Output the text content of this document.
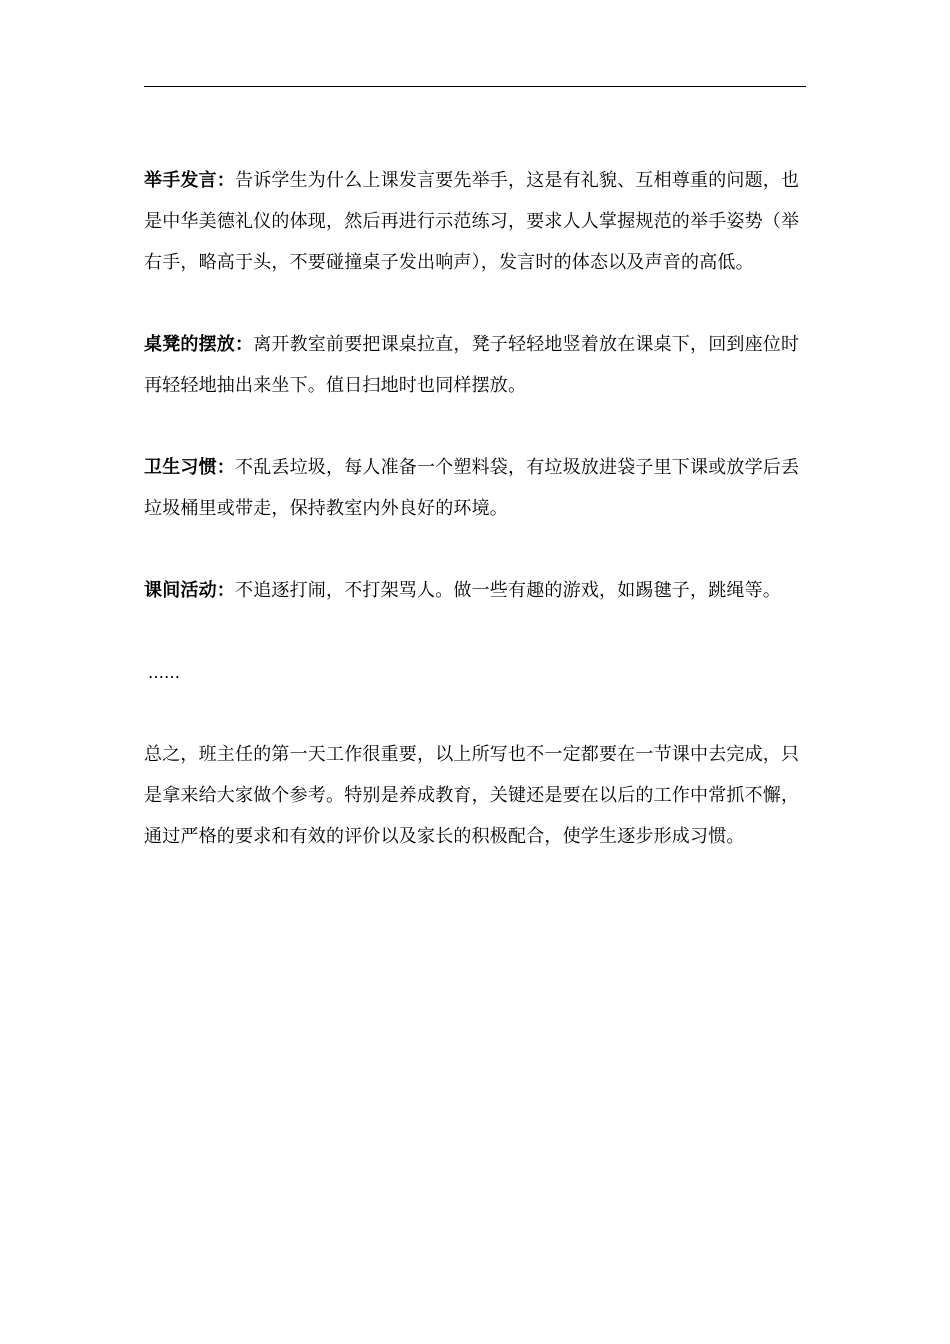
举手发言：告诉学生为什么上课发言要先举手，这是有礼貌、互相尊重的问题，也是中华美德礼仪的体现，然后再进行示范练习，要求人人掌握规范的举手姿势（举右手，略高于头，不要碰撞桌子发出响声），发言时的体态以及声音的高低。

桌凳的摆放：离开教室前要把课桌拉直，凳子轻轻地竖着放在课桌下，回到座位时再轻轻地抽出来坐下。值日扫地时也同样摆放。

卫生习惯：不乱丢垃圾，每人准备一个塑料袋，有垃圾放进袋子里下课或放学后丢垃圾桶里或带走，保持教室内外良好的环境。

课间活动：不追逐打闹，不打架骂人。做一些有趣的游戏，如踢毽子，跳绳等。

……

总之，班主任的第一天工作很重要，以上所写也不一定都要在一节课中去完成，只是拿来给大家做个参考。特别是养成教育，关键还是要在以后的工作中常抓不懈，通过严格的要求和有效的评价以及家长的积极配合，使学生逐步形成习惯。
